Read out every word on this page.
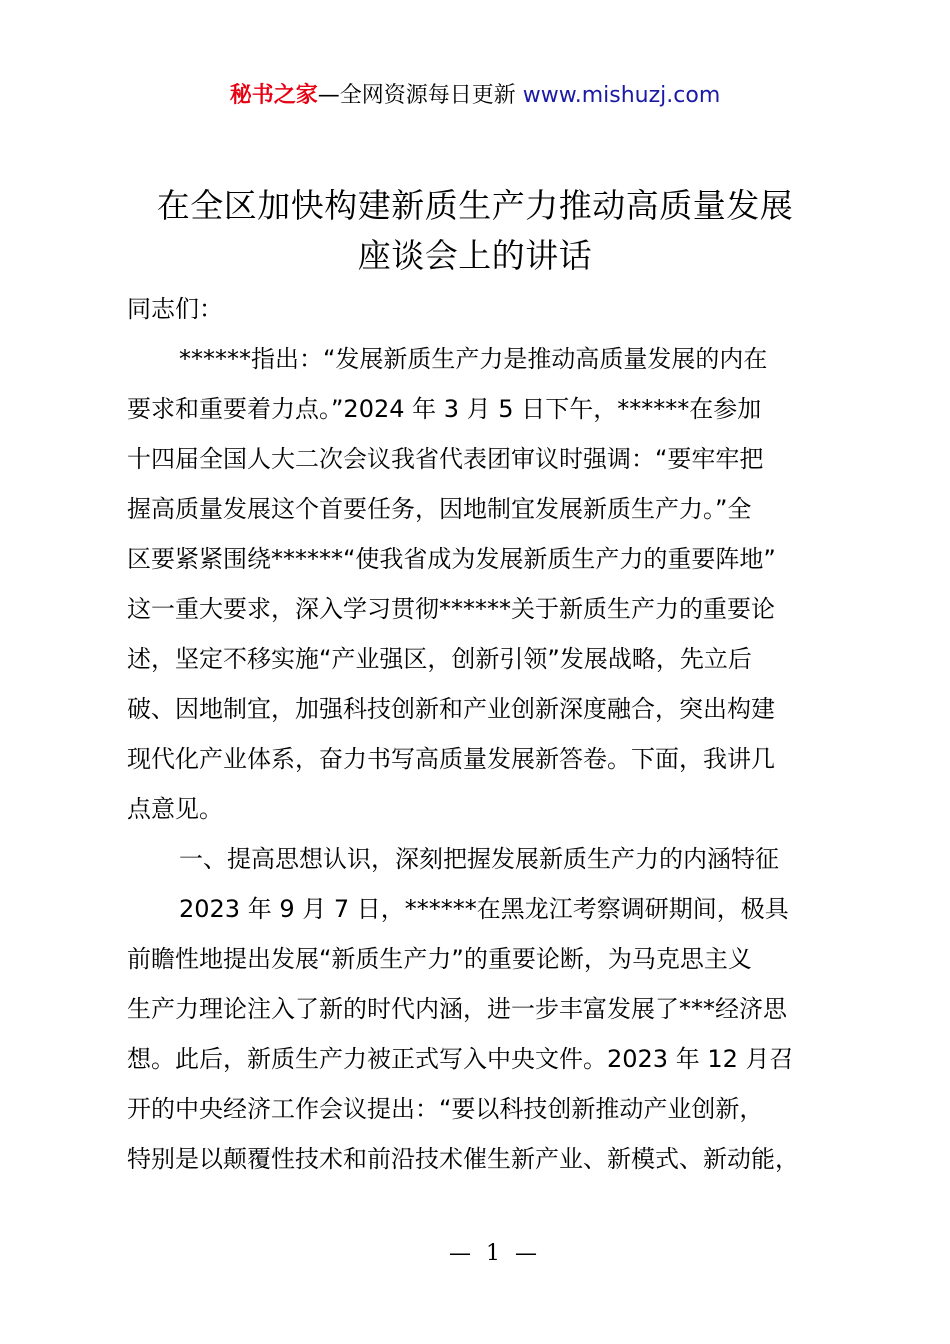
秘书之家—全网资源每日更新 www.mishuzj.com
在全区加快构建新质生产力推动高质量发展
座谈会上的讲话
同志们：
******指出：“发展新质生产力是推动高质量发展的内在
要求和重要着力点。”2024 年 3 月 5 日下午，******在参加
十四届全国人大二次会议我省代表团审议时强调：“要牢牢把
握高质量发展这个首要任务，因地制宜发展新质生产力。”全
区要紧紧围绕******“使我省成为发展新质生产力的重要阵地”
这一重大要求，深入学习贯彻******关于新质生产力的重要论
述，坚定不移实施“产业强区，创新引领”发展战略，先立后
破、因地制宜，加强科技创新和产业创新深度融合，突出构建
现代化产业体系，奋力书写高质量发展新答卷。下面，我讲几
点意见。
一、提高思想认识，深刻把握发展新质生产力的内涵特征
2023 年 9 月 7 日，******在黑龙江考察调研期间，极具
前瞻性地提出发展“新质生产力”的重要论断，为马克思主义
生产力理论注入了新的时代内涵，进一步丰富发展了***经济思
想。此后，新质生产力被正式写入中央文件。2023 年 12 月召
开的中央经济工作会议提出：“要以科技创新推动产业创新，
特别是以颠覆性技术和前沿技术催生新产业、新模式、新动能，
— 1 —
